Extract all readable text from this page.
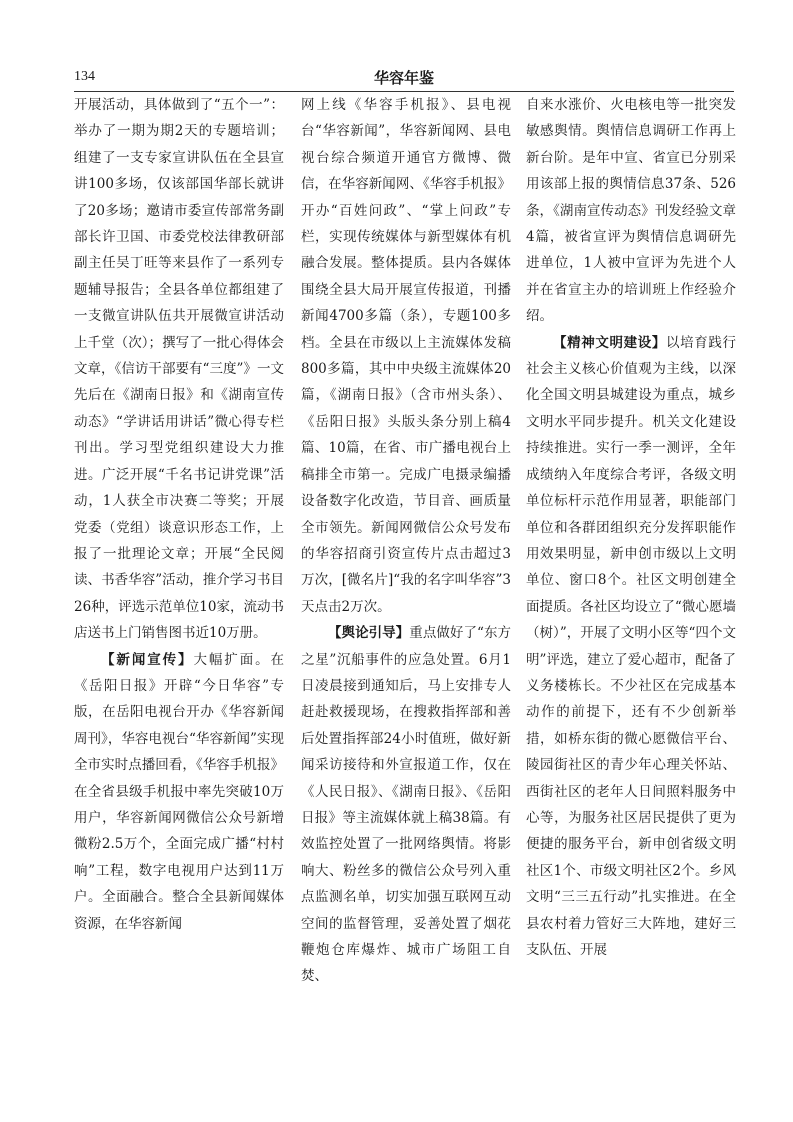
134	华容年鉴

开展活动，具体做到了“五个一”：举办了一期为期2天的专题培训；组建了一支专家宣讲队伍在全县宣讲100多场，仅该部国华部长就讲了20多场；邀请市委宣传部常务副部长许卫国、市委党校法律教研部副主任吴丁旺等来县作了一系列专题辅导报告；全县各单位都组建了一支微宣讲队伍共开展微宣讲活动上千堂（次）；撰写了一批心得体会文章，《信访干部要有“三度”》一文先后在《湖南日报》和《湖南宣传动态》“学讲话用讲话”微心得专栏刊出。学习型党组织建设大力推进。广泛开展“千名书记讲党课”活动，1人获全市决赛二等奖；开展党委（党组）谈意识形态工作，上报了一批理论文章；开展“全民阅读、书香华容”活动，推介学习书目26种，评选示范单位10家，流动书店送书上门销售图书近10万册。

【新闻宣传】大幅扩面。在《岳阳日报》开辟“今日华容”专版，在岳阳电视台开办《华容新闻周刊》，华容电视台“华容新闻”实现全市实时点播回看，《华容手机报》在全省县级手机报中率先突破10万用户，华容新闻网微信公众号新增微粉2.5万个，全面完成广播“村村响”工程，数字电视用户达到11万户。全面融合。整合全县新闻媒体资源，在华容新闻

网上线《华容手机报》、县电视台“华容新闻”，华容新闻网、县电视台综合频道开通官方微博、微信，在华容新闻网、《华容手机报》开办“百姓问政”、“掌上问政”专栏，实现传统媒体与新型媒体有机融合发展。整体提质。县内各媒体围绕全县大局开展宣传报道，刊播新闻4700多篇（条），专题100多档。全县在市级以上主流媒体发稿800多篇，其中中央级主流媒体20篇，《湖南日报》（含市州头条）、《岳阳日报》头版头条分别上稿4篇、10篇，在省、市广播电视台上稿排全市第一。完成广电摄录编播设备数字化改造，节目音、画质量全市领先。新闻网微信公众号发布的华容招商引资宣传片点击超过3万次，[微名片]“我的名字叫华容”3天点击2万次。

【舆论引导】重点做好了“东方之星”沉船事件的应急处置。6月1日凌晨接到通知后，马上安排专人赶赴救援现场，在搜救指挥部和善后处置指挥部24小时值班，做好新闻采访接待和外宣报道工作，仅在《人民日报》、《湖南日报》、《岳阳日报》等主流媒体就上稿38篇。有效监控处置了一批网络舆情。将影响大、粉丝多的微信公众号列入重点监测名单，切实加强互联网互动空间的监督管理，妥善处置了烟花鞭炮仓库爆炸、城市广场阻工自焚、

自来水涨价、火电核电等一批突发敏感舆情。舆情信息调研工作再上新台阶。是年中宣、省宣已分别采用该部上报的舆情信息37条、526条，《湖南宣传动态》刊发经验文章4篇，被省宣评为舆情信息调研先进单位，1人被中宣评为先进个人并在省宣主办的培训班上作经验介绍。

【精神文明建设】以培育践行社会主义核心价值观为主线，以深化全国文明县城建设为重点，城乡文明水平同步提升。机关文化建设持续推进。实行一季一测评，全年成绩纳入年度综合考评，各级文明单位标杆示范作用显著，职能部门单位和各群团组织充分发挥职能作用效果明显，新申创市级以上文明单位、窗口8个。社区文明创建全面提质。各社区均设立了“微心愿墙（树）”，开展了文明小区等“四个文明”评选，建立了爱心超市，配备了义务楼栋长。不少社区在完成基本动作的前提下，还有不少创新举措，如桥东街的微心愿微信平台、陵园街社区的青少年心理关怀站、西街社区的老年人日间照料服务中心等，为服务社区居民提供了更为便捷的服务平台，新申创省级文明社区1个、市级文明社区2个。乡风文明“三三五行动”扎实推进。在全县农村着力管好三大阵地，建好三支队伍、开展
